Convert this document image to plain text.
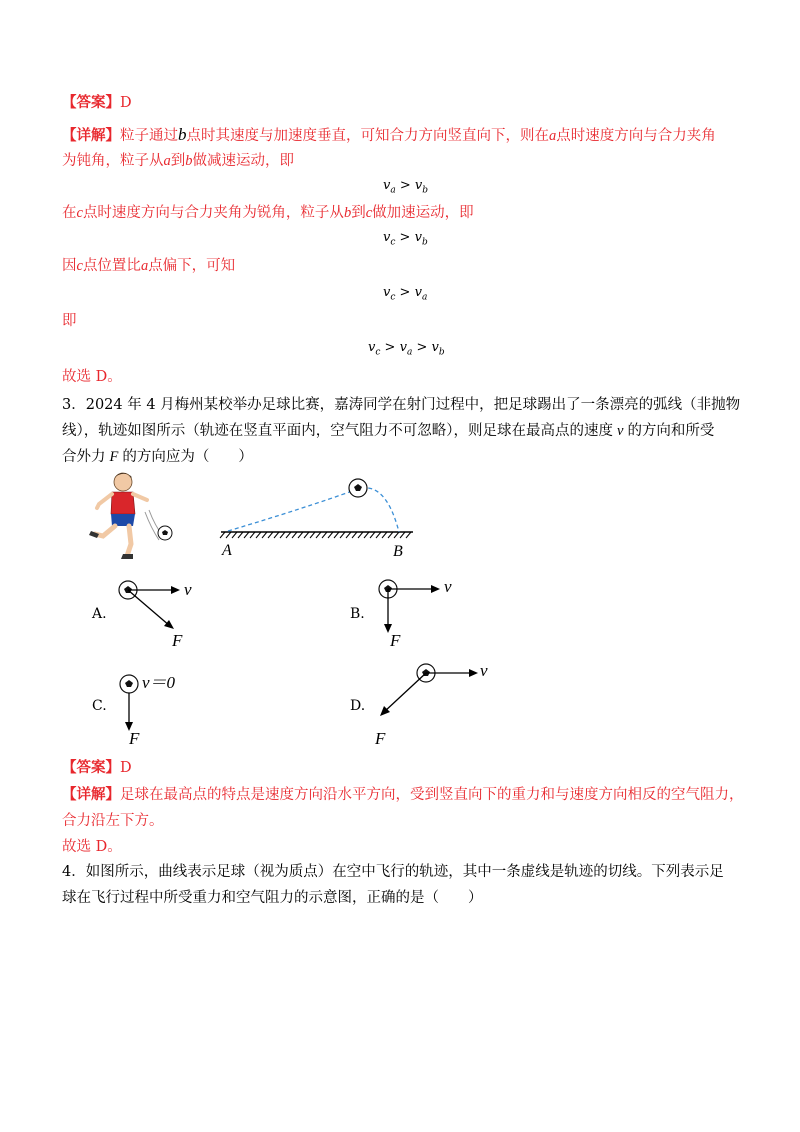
【答案】D
【详解】粒子通过b点时其速度与加速度垂直，可知合力方向竖直向下，则在a点时速度方向与合力夹角
为钝角，粒子从a到b做减速运动，即
$v_a > v_b$
在c点时速度方向与合力夹角为锐角，粒子从b到c做加速运动，即
$v_c > v_b$
因c点位置比a点偏下，可知
$v_c > v_a$
即
$v_c > v_a > v_b$
故选 D。
3．2024 年 4 月梅州某校举办足球比赛，嘉涛同学在射门过程中，把足球踢出了一条漂亮的弧线（非抛物
线），轨迹如图所示（轨迹在竖直平面内，空气阻力不可忽略），则足球在最高点的速度 v 的方向和所受
合外力 F 的方向应为（　　）
A	B
A.
v
F
B.
v
F
C.
v＝0
F
D.
v
F
【答案】D
【详解】足球在最高点的特点是速度方向沿水平方向，受到竖直向下的重力和与速度方向相反的空气阻力，
合力沿左下方。
故选 D。
4．如图所示，曲线表示足球（视为质点）在空中飞行的轨迹，其中一条虚线是轨迹的切线。下列表示足
球在飞行过程中所受重力和空气阻力的示意图，正确的是（　　）
